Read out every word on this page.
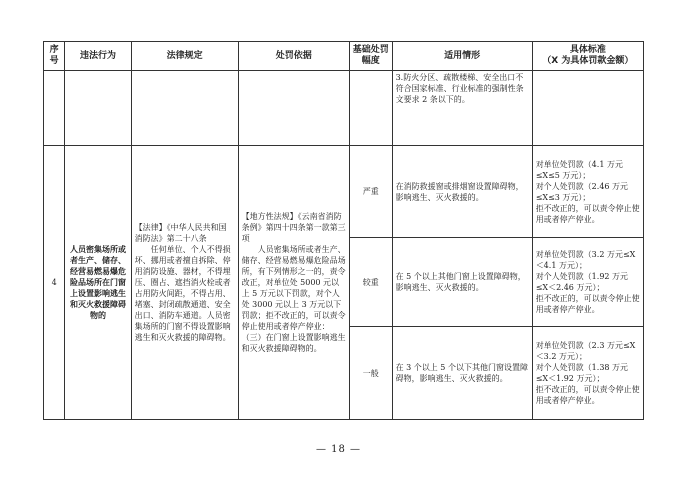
序号	违法行为	法律规定	处罚依据	基础处罚幅度	适用情形	具体标准
（X 为具体罚款金额）

					3.防火分区、疏散楼梯、安全出口不符合国家标准、行业标准的强制性条文要求 2 条以下的。	
4	人员密集场所或者生产、储存、经营易燃易爆危险品场所在门窗上设置影响逃生和灭火救援障碍物的	【法律】《中华人民共和国消防法》第二十八条
　　任何单位、个人不得损坏、挪用或者擅自拆除、停用消防设施、器材，不得埋压、圈占、遮挡消火栓或者占用防火间距，不得占用、堵塞、封闭疏散通道、安全出口、消防车通道。人员密集场所的门窗不得设置影响逃生和灭火救援的障碍物。	【地方性法规】《云南省消防条例》第四十四条第一款第三项
　　人员密集场所或者生产、储存、经营易燃易爆危险品场所，有下列情形之一的，责令改正，对单位处 5000 元以上 5 万元以下罚款，对个人处 3000 元以上 3 万元以下罚款；拒不改正的，可以责令停止使用或者停产停业：
（三）在门窗上设置影响逃生和灭火救援障碍物的。	严重	在消防救援窗或排烟窗设置障碍物，影响逃生、灭火救援的。	对单位处罚款（4.1 万元≤X≤5 万元）；
对个人处罚款（2.46 万元≤X≤3 万元）；
拒不改正的，可以责令停止使用或者停产停业。
				较重	在 5 个以上其他门窗上设置障碍物，影响逃生、灭火救援的。	对单位处罚款（3.2 万元≤X＜4.1 万元）；
对个人处罚款（1.92 万元≤X＜2.46 万元）；
拒不改正的，可以责令停止使用或者停产停业。
				一般	在 3 个以上 5 个以下其他门窗设置障碍物，影响逃生、灭火救援的。	对单位处罚款（2.3 万元≤X＜3.2 万元）；
对个人处罚款（1.38 万元≤X＜1.92 万元）；
拒不改正的，可以责令停止使用或者停产停业。
— 18 —
